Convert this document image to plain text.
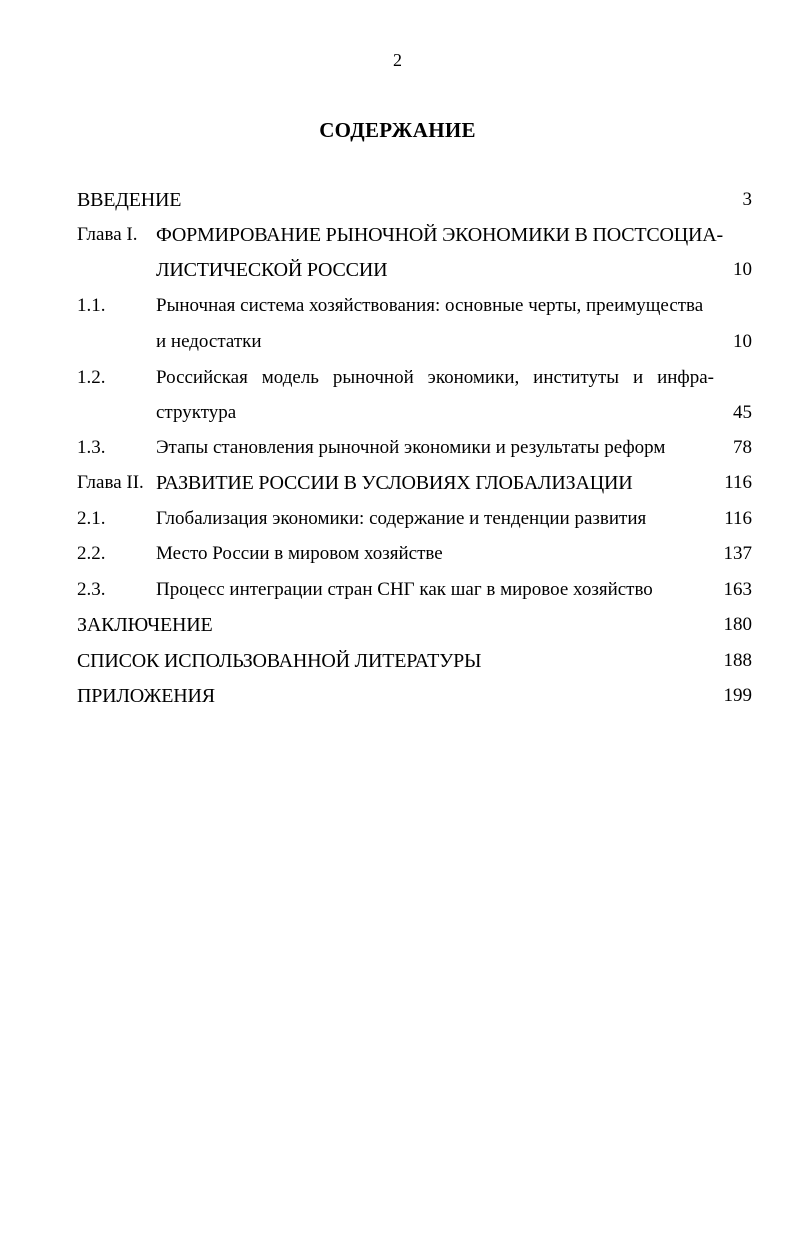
2
СОДЕРЖАНИЕ
ВВЕДЕНИЕ	3
Глава I. ФОРМИРОВАНИЕ РЫНОЧНОЙ ЭКОНОМИКИ В ПОСТСОЦИА-
ЛИСТИЧЕСКОЙ РОССИИ	10
1.1.	Рыночная система хозяйствования: основные черты, преимущества
и недостатки	10
1.2.	Российская модель рыночной экономики, институты и инфра-
структура	45
1.3.	Этапы становления рыночной экономики и результаты реформ	78
Глава II. РАЗВИТИЕ РОССИИ В УСЛОВИЯХ ГЛОБАЛИЗАЦИИ	116
2.1.	Глобализация экономики: содержание и тенденции развития	116
2.2.	Место России в мировом хозяйстве	137
2.3.	Процесс интеграции стран СНГ как шаг в мировое хозяйство	163
ЗАКЛЮЧЕНИЕ	180
СПИСОК ИСПОЛЬЗОВАННОЙ ЛИТЕРАТУРЫ	188
ПРИЛОЖЕНИЯ	199
